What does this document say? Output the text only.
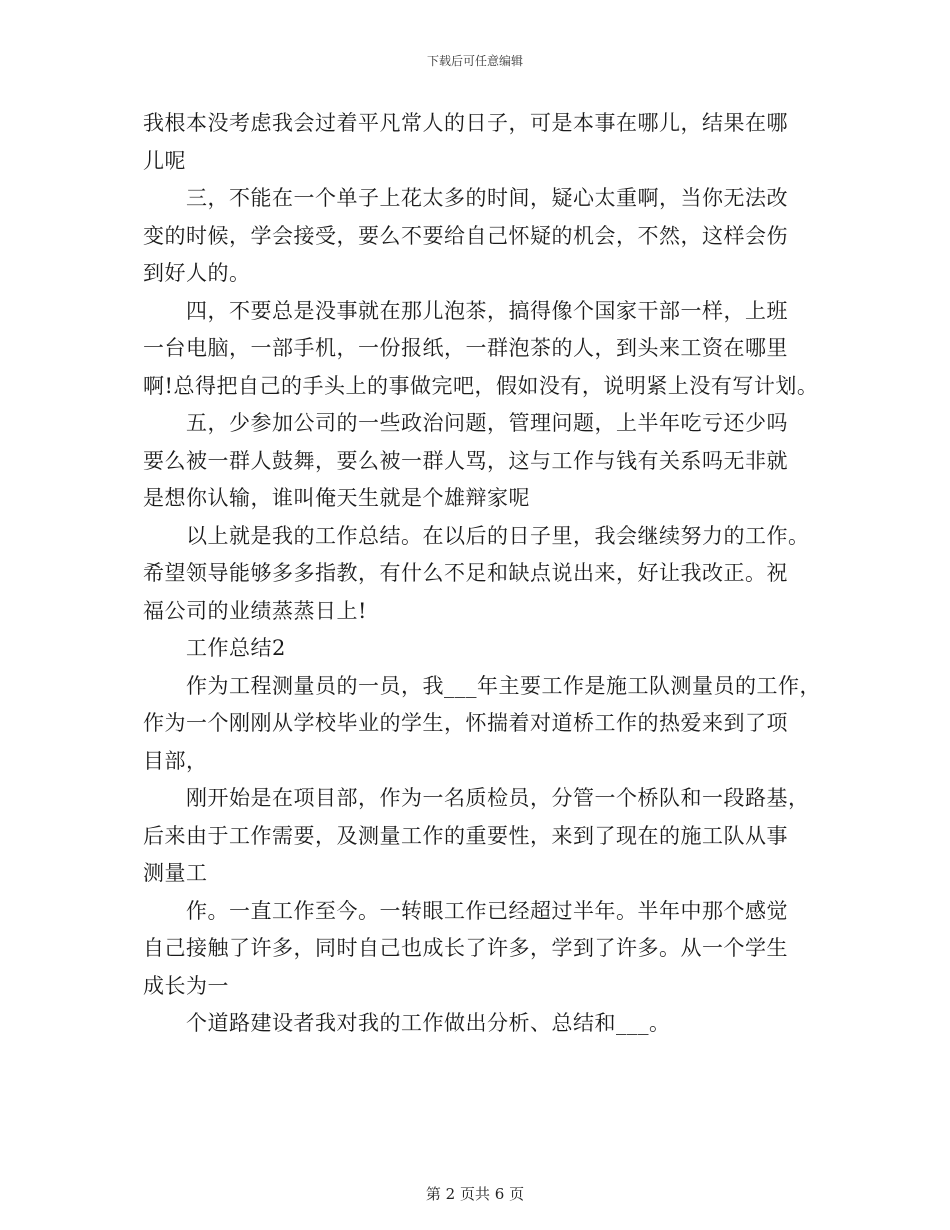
下载后可任意编辑
我根本没考虑我会过着平凡常人的日子，可是本事在哪儿，结果在哪
儿呢
三，不能在一个单子上花太多的时间，疑心太重啊，当你无法改
变的时候，学会接受，要么不要给自己怀疑的机会，不然，这样会伤
到好人的。
四，不要总是没事就在那儿泡茶，搞得像个国家干部一样，上班
一台电脑，一部手机，一份报纸，一群泡茶的人，到头来工资在哪里
啊!总得把自己的手头上的事做完吧，假如没有，说明紧上没有写计划。
五，少参加公司的一些政治问题，管理问题，上半年吃亏还少吗
要么被一群人鼓舞，要么被一群人骂，这与工作与钱有关系吗无非就
是想你认输，谁叫俺天生就是个雄辩家呢
以上就是我的工作总结。在以后的日子里，我会继续努力的工作。
希望领导能够多多指教，有什么不足和缺点说出来，好让我改正。祝
福公司的业绩蒸蒸日上!
工作总结2
作为工程测量员的一员，我___年主要工作是施工队测量员的工作，
作为一个刚刚从学校毕业的学生，怀揣着对道桥工作的热爱来到了项
目部，
刚开始是在项目部，作为一名质检员，分管一个桥队和一段路基，
后来由于工作需要，及测量工作的重要性，来到了现在的施工队从事
测量工
作。一直工作至今。一转眼工作已经超过半年。半年中那个感觉
自己接触了许多，同时自己也成长了许多，学到了许多。从一个学生
成长为一
个道路建设者我对我的工作做出分析、总结和___。
第 2 页共 6 页
